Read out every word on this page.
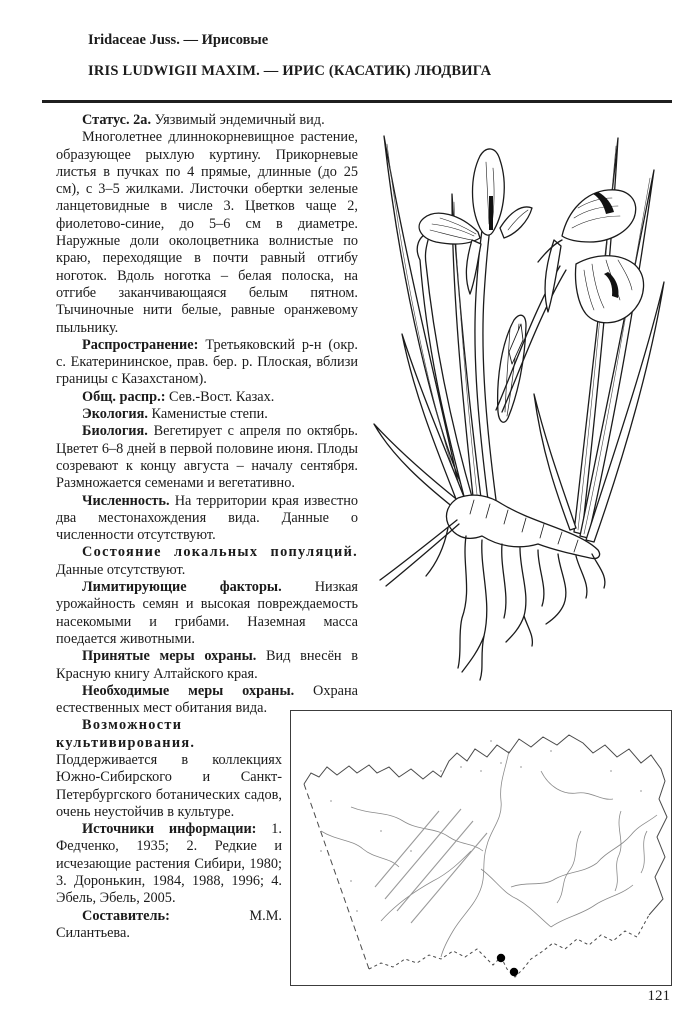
Iridaceae Juss. — Ирисовые

IRIS LUDWIGII MAXIM. — ИРИС (КАСАТИК) ЛЮДВИГА

Статус. 2а. Уязвимый эндемичный вид.

Многолетнее длиннокорневищное растение, образующее рыхлую куртину. Прикорневые листья в пучках по 4 прямые, длинные (до 25 см), с 3–5 жилками. Листочки обертки зеленые ланцетовидные в числе 3. Цветков чаще 2, фиолетово-синие, до 5–6 см в диаметре. Наружные доли околоцветника волнистые по краю, переходящие в почти равный отгибу ноготок. Вдоль ноготка – белая полоска, на отгибе заканчивающаяся белым пятном. Тычиночные нити белые, равные оранжевому пыльнику.

Распространение: Третьяковский р-н (окр. с. Екатерининское, прав. бер. р. Плоская, вблизи границы с Казахстаном).

Общ. распр.: Сев.-Вост. Казах.

Экология. Каменистые степи.

Биология. Вегетирует с апреля по октябрь. Цветет 6–8 дней в первой половине июня. Плоды созревают к концу августа – началу сентября. Размножается семенами и вегетативно.

Численность. На территории края известно два местонахождения вида. Данные о численности отсутствуют.

Состояние локальных популяций. Данные отсутствуют.

Лимитирующие факторы. Низкая урожайность семян и высокая повреждаемость насекомыми и грибами. Наземная масса поедается животными.

Принятые меры охраны. Вид внесён в Красную книгу Алтайского края.

Необходимые меры охраны. Охрана естественных мест обитания вида.

Возможности культивирования. Поддерживается в коллекциях Южно-Сибирского и Санкт-Петербургского ботанических садов, очень неустойчив в культуре.

Источники информации: 1. Федченко, 1935; 2. Редкие и исчезающие растения Сибири, 1980; 3. Доронькин, 1984, 1988, 1996; 4. Эбель, Эбель, 2005.

Составитель: М.М. Силантьева.

121
